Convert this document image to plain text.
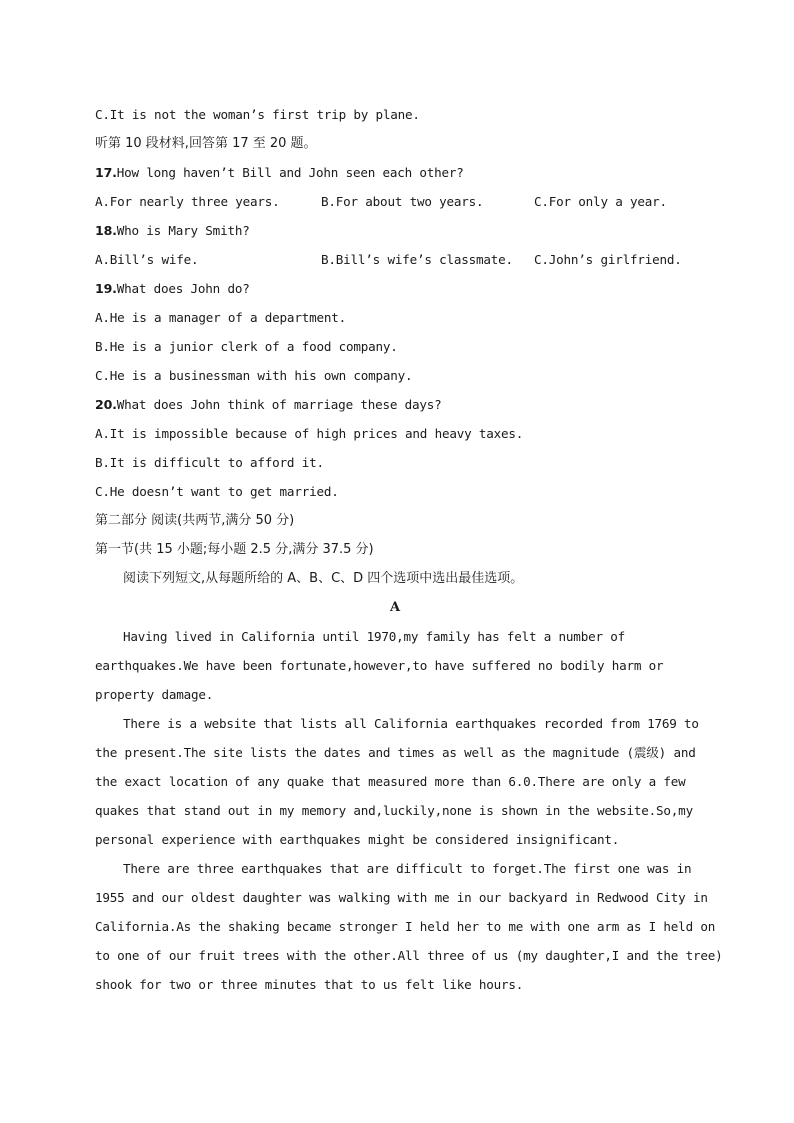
C.It is not the woman’s first trip by plane.
听第 10 段材料,回答第 17 至 20 题。
17.How long haven’t Bill and John seen each other?
A.For nearly three years.	B.For about two years.	C.For only a year.
18.Who is Mary Smith?
A.Bill’s wife.	B.Bill’s wife’s classmate.	C.John’s girlfriend.
19.What does John do?
A.He is a manager of a department.
B.He is a junior clerk of a food company.
C.He is a businessman with his own company.
20.What does John think of marriage these days?
A.It is impossible because of high prices and heavy taxes.
B.It is difficult to afford it.
C.He doesn’t want to get married.
第二部分 阅读(共两节,满分 50 分)
第一节(共 15 小题;每小题 2.5 分,满分 37.5 分)
阅读下列短文,从每题所给的 A、B、C、D 四个选项中选出最佳选项。
A
Having lived in California until 1970,my family has felt a number of
earthquakes.We have been fortunate,however,to have suffered no bodily harm or
property damage.
There is a website that lists all California earthquakes recorded from 1769 to
the present.The site lists the dates and times as well as the magnitude (震级) and
the exact location of any quake that measured more than 6.0.There are only a few
quakes that stand out in my memory and,luckily,none is shown in the website.So,my
personal experience with earthquakes might be considered insignificant.
There are three earthquakes that are difficult to forget.The first one was in
1955 and our oldest daughter was walking with me in our backyard in Redwood City in
California.As the shaking became stronger I held her to me with one arm as I held on
to one of our fruit trees with the other.All three of us (my daughter,I and the tree)
shook for two or three minutes that to us felt like hours.
